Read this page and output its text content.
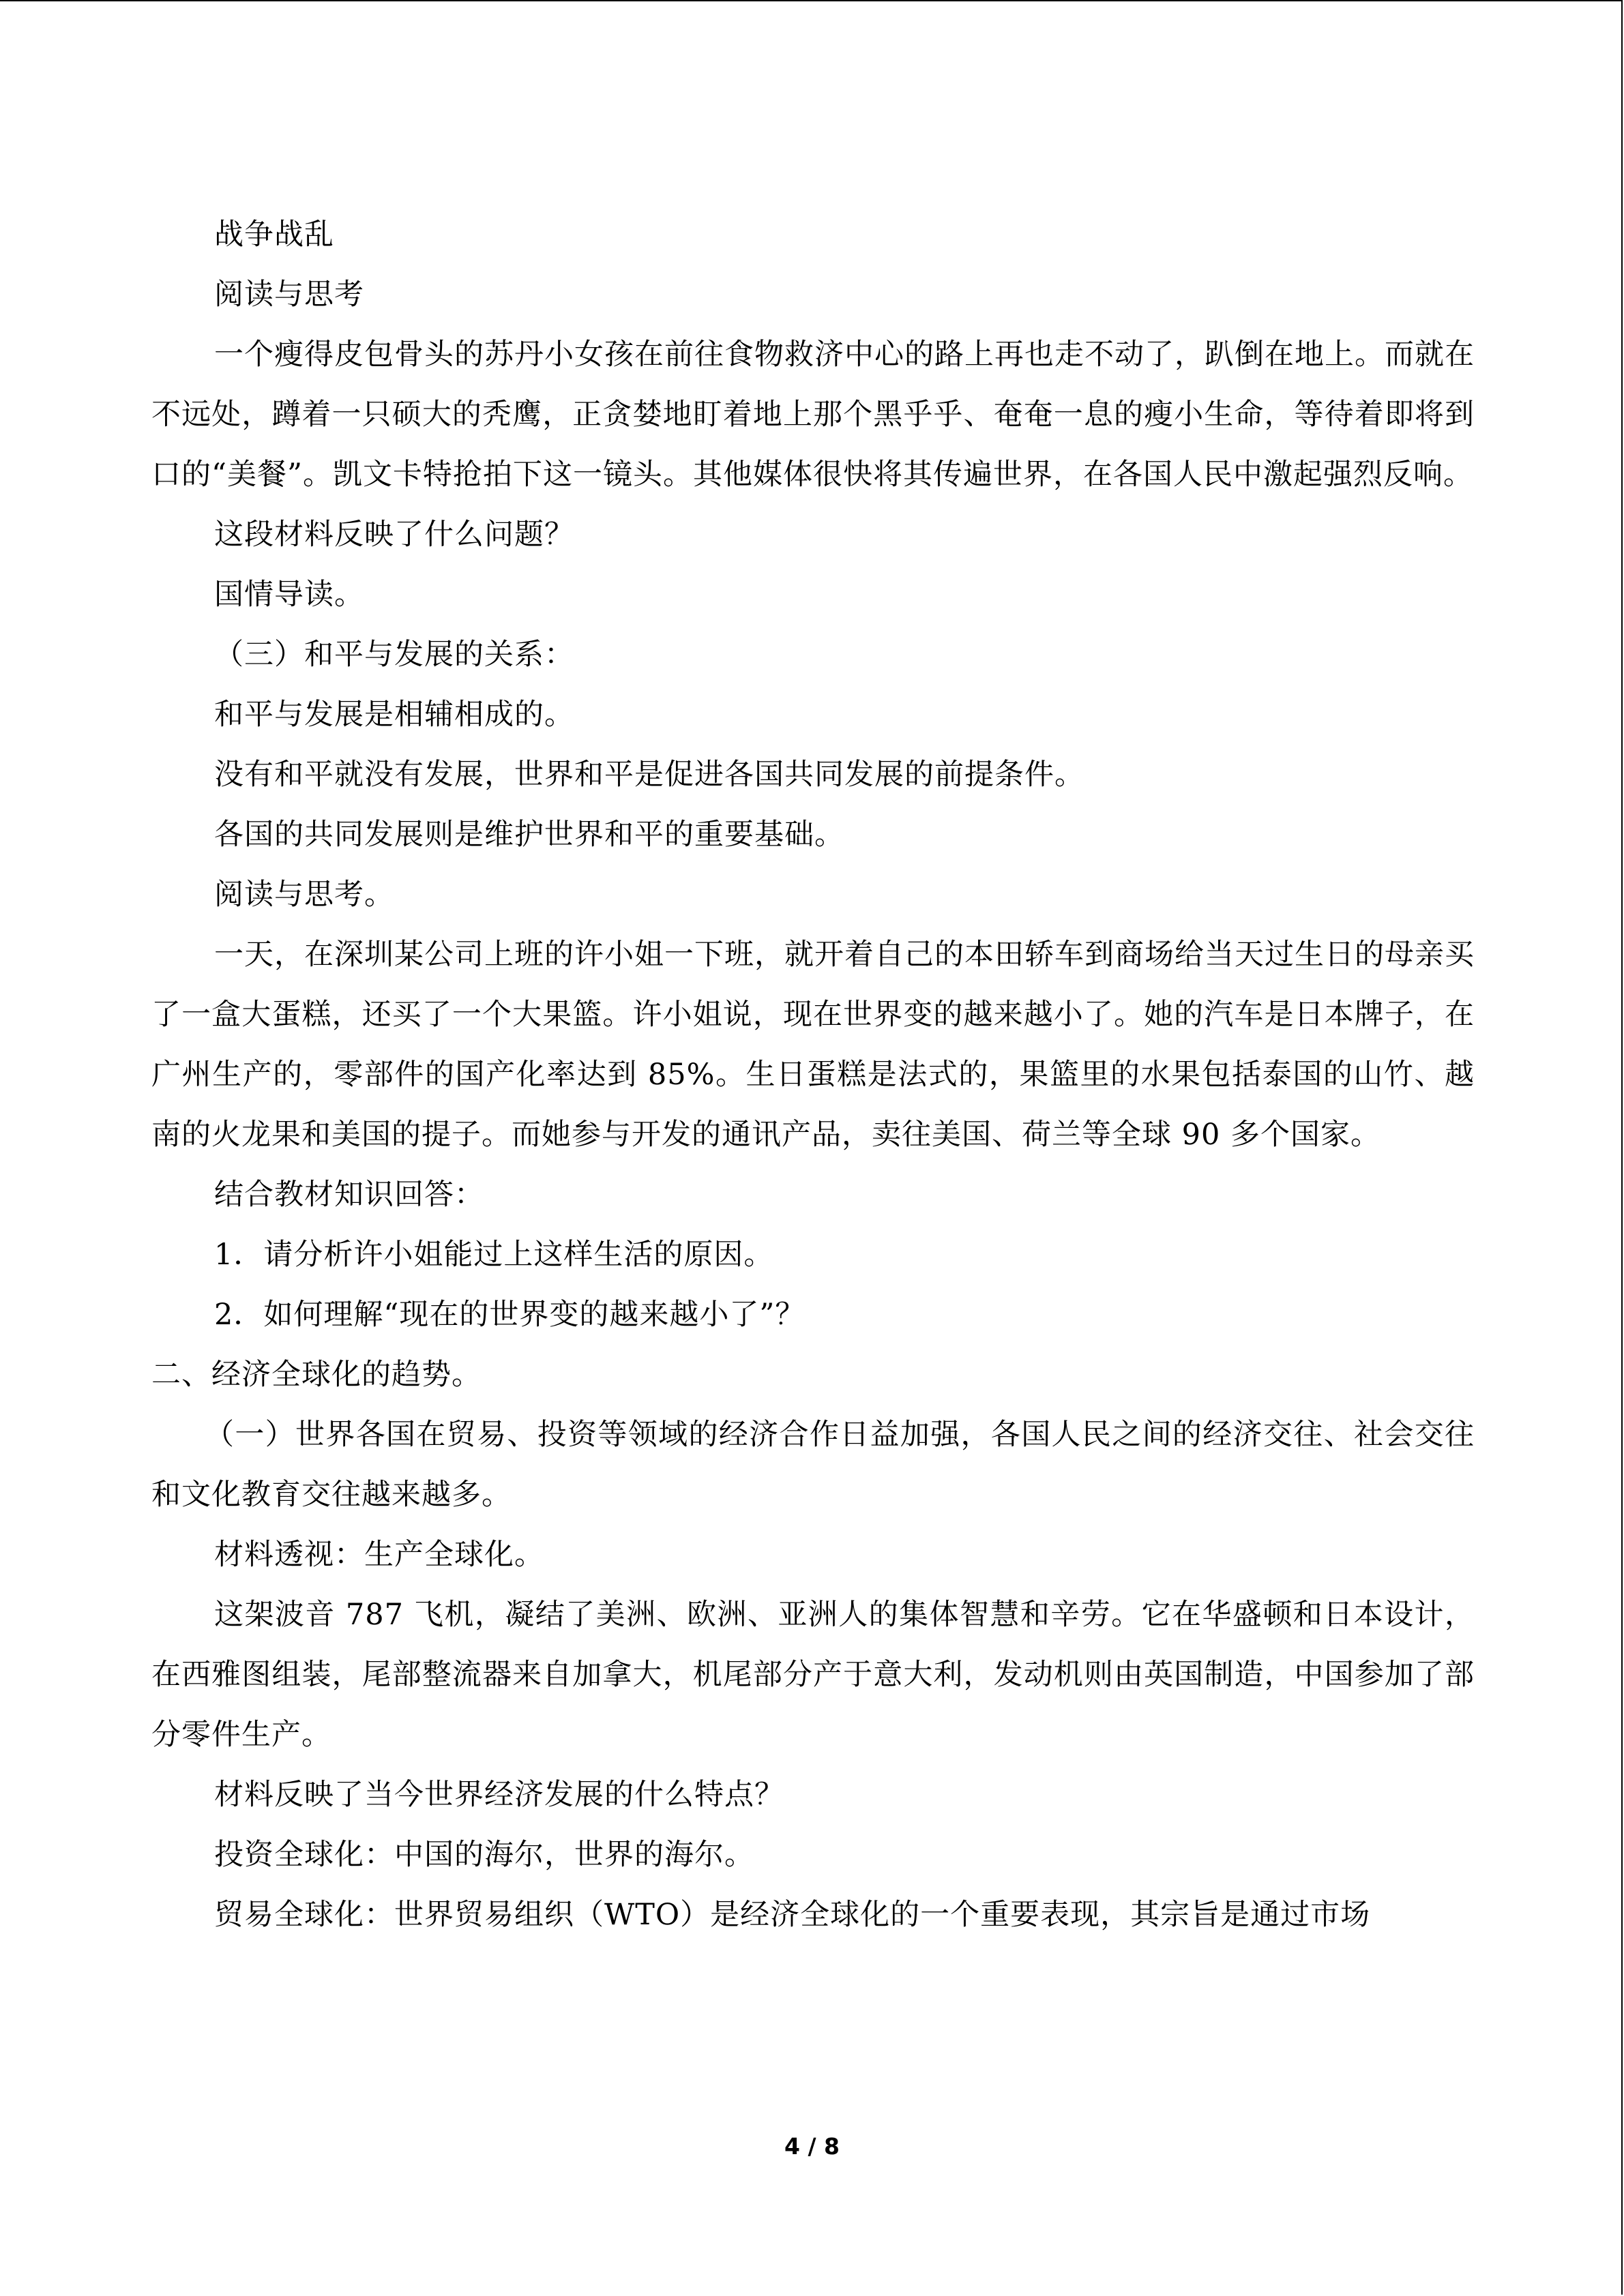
战争战乱

阅读与思考

一个瘦得皮包骨头的苏丹小女孩在前往食物救济中心的路上再也走不动了，趴倒在地上。而就在不远处，蹲着一只硕大的秃鹰，正贪婪地盯着地上那个黑乎乎、奄奄一息的瘦小生命，等待着即将到口的“美餐”。凯文卡特抢拍下这一镜头。其他媒体很快将其传遍世界，在各国人民中激起强烈反响。

这段材料反映了什么问题？

国情导读。

（三）和平与发展的关系：

和平与发展是相辅相成的。

没有和平就没有发展，世界和平是促进各国共同发展的前提条件。

各国的共同发展则是维护世界和平的重要基础。

阅读与思考。

一天，在深圳某公司上班的许小姐一下班，就开着自己的本田轿车到商场给当天过生日的母亲买了一盒大蛋糕，还买了一个大果篮。许小姐说，现在世界变的越来越小了。她的汽车是日本牌子，在广州生产的，零部件的国产化率达到 85%。生日蛋糕是法式的，果篮里的水果包括泰国的山竹、越南的火龙果和美国的提子。而她参与开发的通讯产品，卖往美国、荷兰等全球 90 多个国家。

结合教材知识回答：

1．请分析许小姐能过上这样生活的原因。

2．如何理解“现在的世界变的越来越小了”？

二、经济全球化的趋势。

（一）世界各国在贸易、投资等领域的经济合作日益加强，各国人民之间的经济交往、社会交往和文化教育交往越来越多。

材料透视：生产全球化。

这架波音 787 飞机，凝结了美洲、欧洲、亚洲人的集体智慧和辛劳。它在华盛顿和日本设计，在西雅图组装，尾部整流器来自加拿大，机尾部分产于意大利，发动机则由英国制造，中国参加了部分零件生产。

材料反映了当今世界经济发展的什么特点？

投资全球化：中国的海尔，世界的海尔。

贸易全球化：世界贸易组织（WTO）是经济全球化的一个重要表现，其宗旨是通过市场

4 / 8
